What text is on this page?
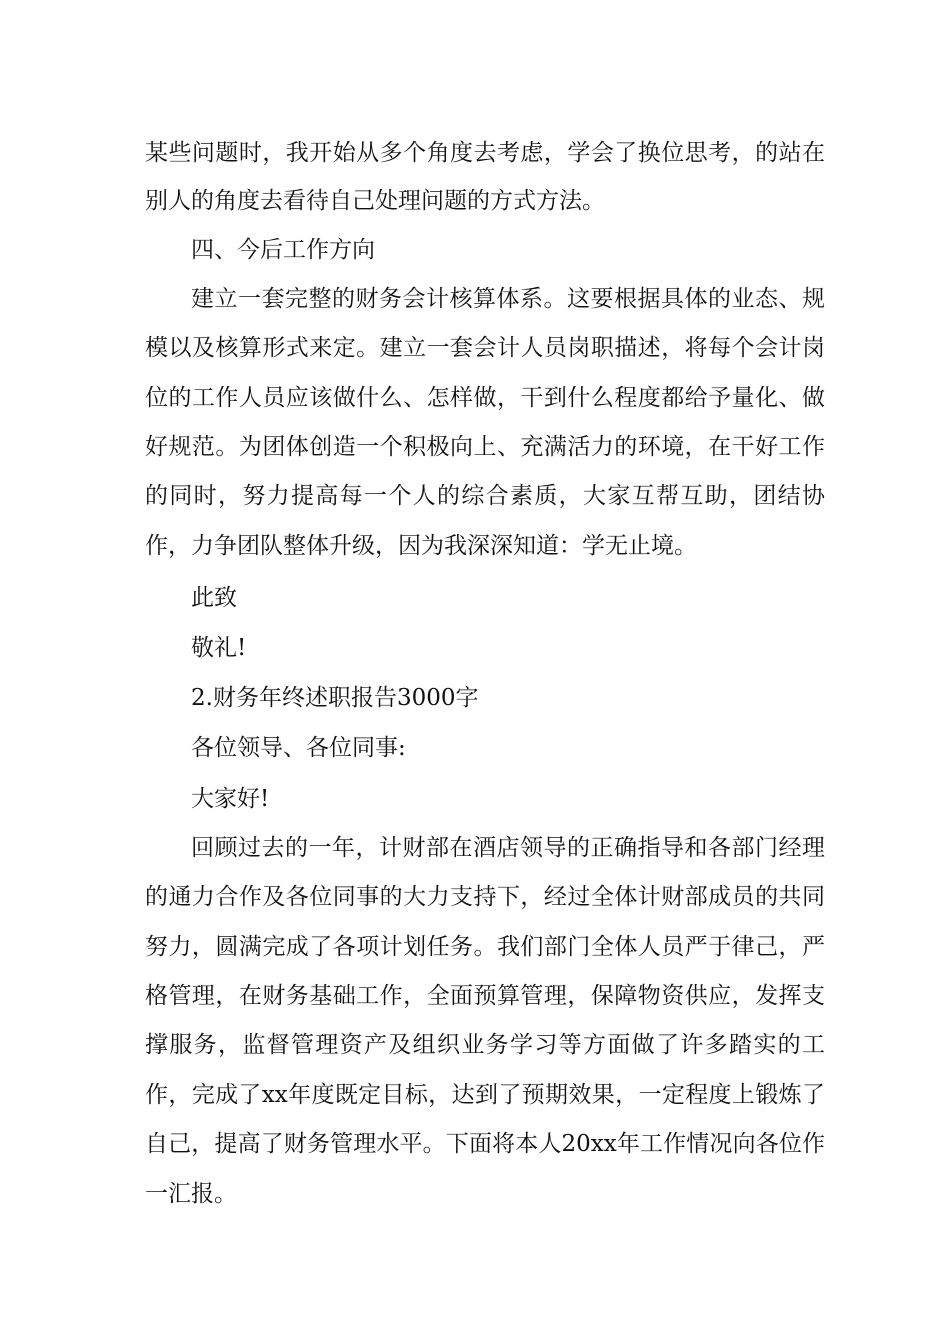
某些问题时，我开始从多个角度去考虑，学会了换位思考，的站在

别人的角度去看待自己处理问题的方式方法。

四、今后工作方向

建立一套完整的财务会计核算体系。这要根据具体的业态、规

模以及核算形式来定。建立一套会计人员岗职描述，将每个会计岗

位的工作人员应该做什么、怎样做，干到什么程度都给予量化、做

好规范。为团体创造一个积极向上、充满活力的环境，在干好工作

的同时，努力提高每一个人的综合素质，大家互帮互助，团结协

作，力争团队整体升级，因为我深深知道：学无止境。

此致

敬礼!

2.财务年终述职报告3000字

各位领导、各位同事:

大家好!

回顾过去的一年，计财部在酒店领导的正确指导和各部门经理

的通力合作及各位同事的大力支持下，经过全体计财部成员的共同

努力，圆满完成了各项计划任务。我们部门全体人员严于律己，严

格管理，在财务基础工作，全面预算管理，保障物资供应，发挥支

撑服务，监督管理资产及组织业务学习等方面做了许多踏实的工

作，完成了xx年度既定目标，达到了预期效果，一定程度上锻炼了

自己，提高了财务管理水平。下面将本人20xx年工作情况向各位作

一汇报。
